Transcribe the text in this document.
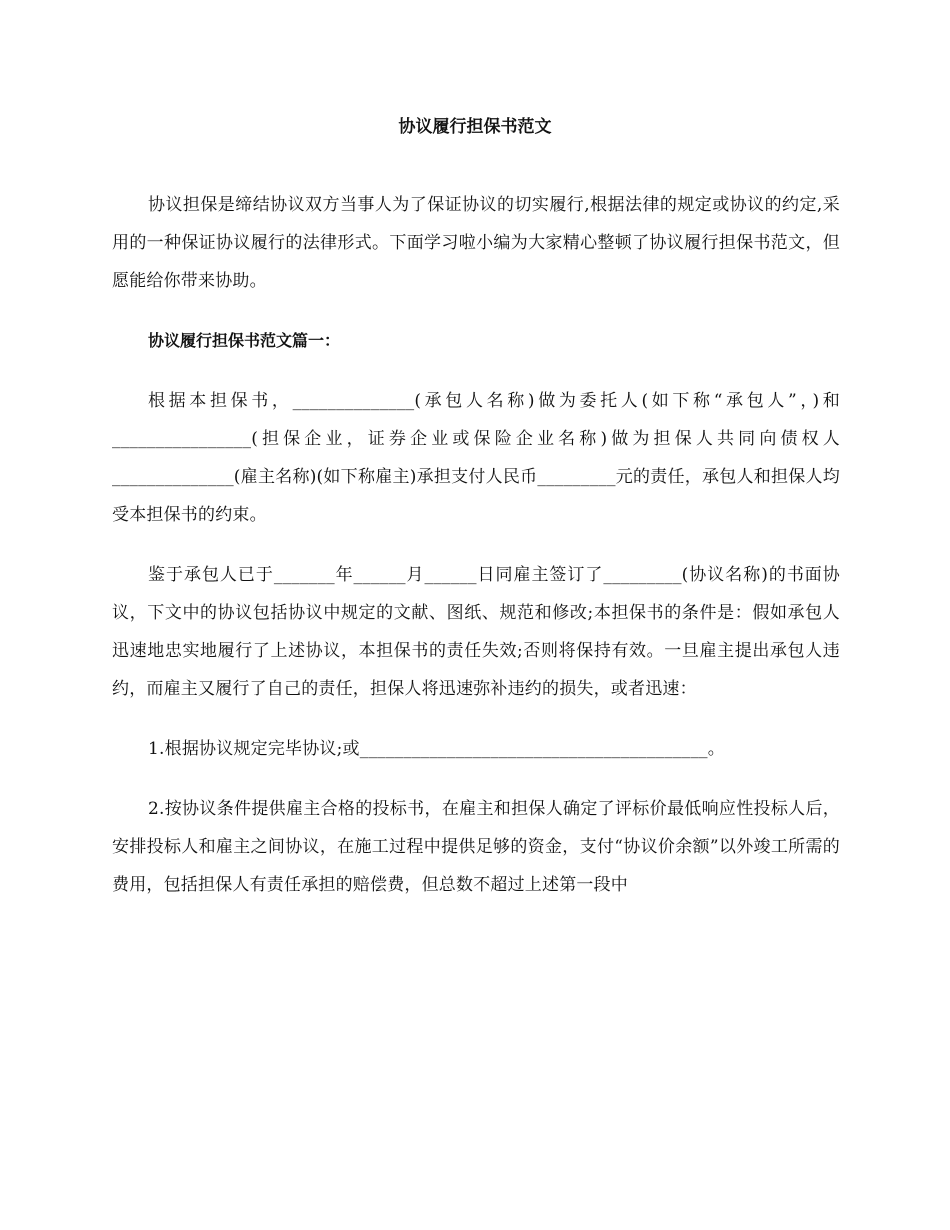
协议履行担保书范文

协议担保是缔结协议双方当事人为了保证协议的切实履行,根据法律的规定或协议的约定,采用的一种保证协议履行的法律形式。下面学习啦小编为大家精心整顿了协议履行担保书范文，但愿能给你带来协助。

协议履行担保书范文篇一：

根据本担保书，______________(承包人名称)做为委托人(如下称“承包人”，)和________________(担保企业，证券企业或保险企业名称)做为担保人共同向债权人______________(雇主名称)(如下称雇主)承担支付人民币_________元的责任，承包人和担保人均受本担保书的约束。

鉴于承包人已于_______年______月______日同雇主签订了_________(协议名称)的书面协议，下文中的协议包括协议中规定的文献、图纸、规范和修改;本担保书的条件是：假如承包人迅速地忠实地履行了上述协议，本担保书的责任失效;否则将保持有效。一旦雇主提出承包人违约，而雇主又履行了自己的责任，担保人将迅速弥补违约的损失，或者迅速：

1.根据协议规定完毕协议;或________________________________________。

2.按协议条件提供雇主合格的投标书，在雇主和担保人确定了评标价最低响应性投标人后，安排投标人和雇主之间协议，在施工过程中提供足够的资金，支付“协议价余额”以外竣工所需的费用，包括担保人有责任承担的赔偿费，但总数不超过上述第一段中
